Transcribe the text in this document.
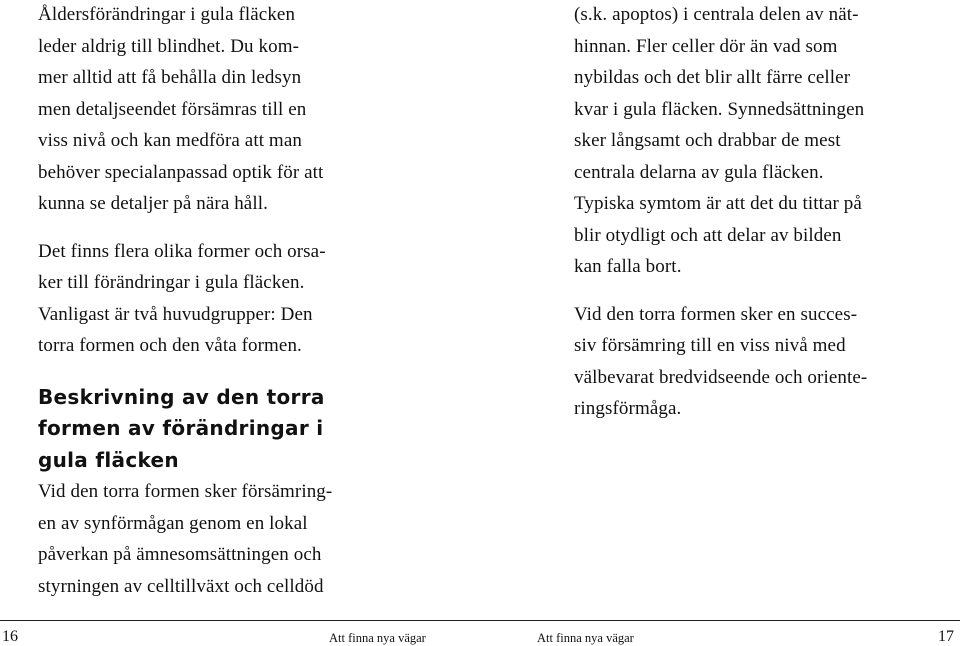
Åldersförändringar i gula fläcken
leder aldrig till blindhet. Du kom-
mer alltid att få behålla din ledsyn
men detaljseendet försämras till en
viss nivå och kan medföra att man
behöver specialanpassad optik för att
kunna se detaljer på nära håll.
Det finns flera olika former och orsa-
ker till förändringar i gula fläcken.
Vanligast är två huvudgrupper: Den
torra formen och den våta formen.
Beskrivning av den torra
formen av förändringar i
gula fläcken
Vid den torra formen sker försämring-
en av synförmågan genom en lokal
påverkan på ämnesomsättningen och
styrningen av celltillväxt och celldöd
(s.k. apoptos) i centrala delen av nät-
hinnan. Fler celler dör än vad som
nybildas och det blir allt färre celler
kvar i gula fläcken. Synnedsättningen
sker långsamt och drabbar de mest
centrala delarna av gula fläcken.
Typiska symtom är att det du tittar på
blir otydligt och att delar av bilden
kan falla bort.
Vid den torra formen sker en succes-
siv försämring till en viss nivå med
välbevarat bredvidseende och oriente-
ringsförmåga.
16	Att finna nya vägar	Att finna nya vägar	17
